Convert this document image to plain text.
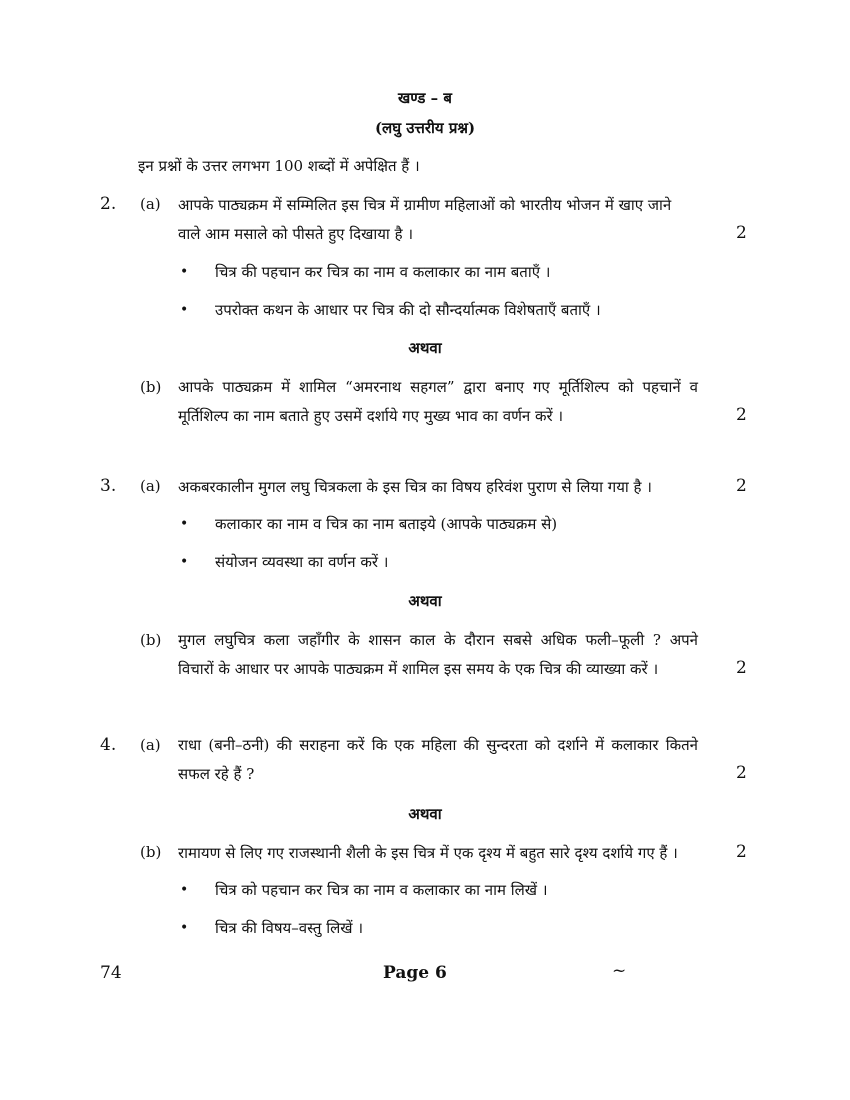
खण्ड – ब
(लघु उत्तरीय प्रश्न)
इन प्रश्नों के उत्तर लगभग 100 शब्दों में अपेक्षित हैं ।
2. (a) आपके पाठ्यक्रम में सम्मिलित इस चित्र में ग्रामीण महिलाओं को भारतीय भोजन में खाए जाने
वाले आम मसाले को पीसते हुए दिखाया है ।	2
• चित्र की पहचान कर चित्र का नाम व कलाकार का नाम बताएँ ।
• उपरोक्त कथन के आधार पर चित्र की दो सौन्दर्यात्मक विशेषताएँ बताएँ ।
अथवा
(b) आपके पाठ्यक्रम में शामिल “अमरनाथ सहगल” द्वारा बनाए गए मूर्तिशिल्प को पहचानें व
मूर्तिशिल्प का नाम बताते हुए उसमें दर्शाये गए मुख्य भाव का वर्णन करें ।	2
3. (a) अकबरकालीन मुगल लघु चित्रकला के इस चित्र का विषय हरिवंश पुराण से लिया गया है ।	2
• कलाकार का नाम व चित्र का नाम बताइये (आपके पाठ्यक्रम से)
• संयोजन व्यवस्था का वर्णन करें ।
अथवा
(b) मुगल लघुचित्र कला जहाँगीर के शासन काल के दौरान सबसे अधिक फली–फूली ? अपने
विचारों के आधार पर आपके पाठ्यक्रम में शामिल इस समय के एक चित्र की व्याख्या करें ।	2
4. (a) राधा (बनी–ठनी) की सराहना करें कि एक महिला की सुन्दरता को दर्शाने में कलाकार कितने
सफल रहे हैं ?	2
अथवा
(b) रामायण से लिए गए राजस्थानी शैली के इस चित्र में एक दृश्य में बहुत सारे दृश्य दर्शाये गए हैं ।	2
• चित्र को पहचान कर चित्र का नाम व कलाकार का नाम लिखें ।
• चित्र की विषय–वस्तु लिखें ।
74	Page 6	~
